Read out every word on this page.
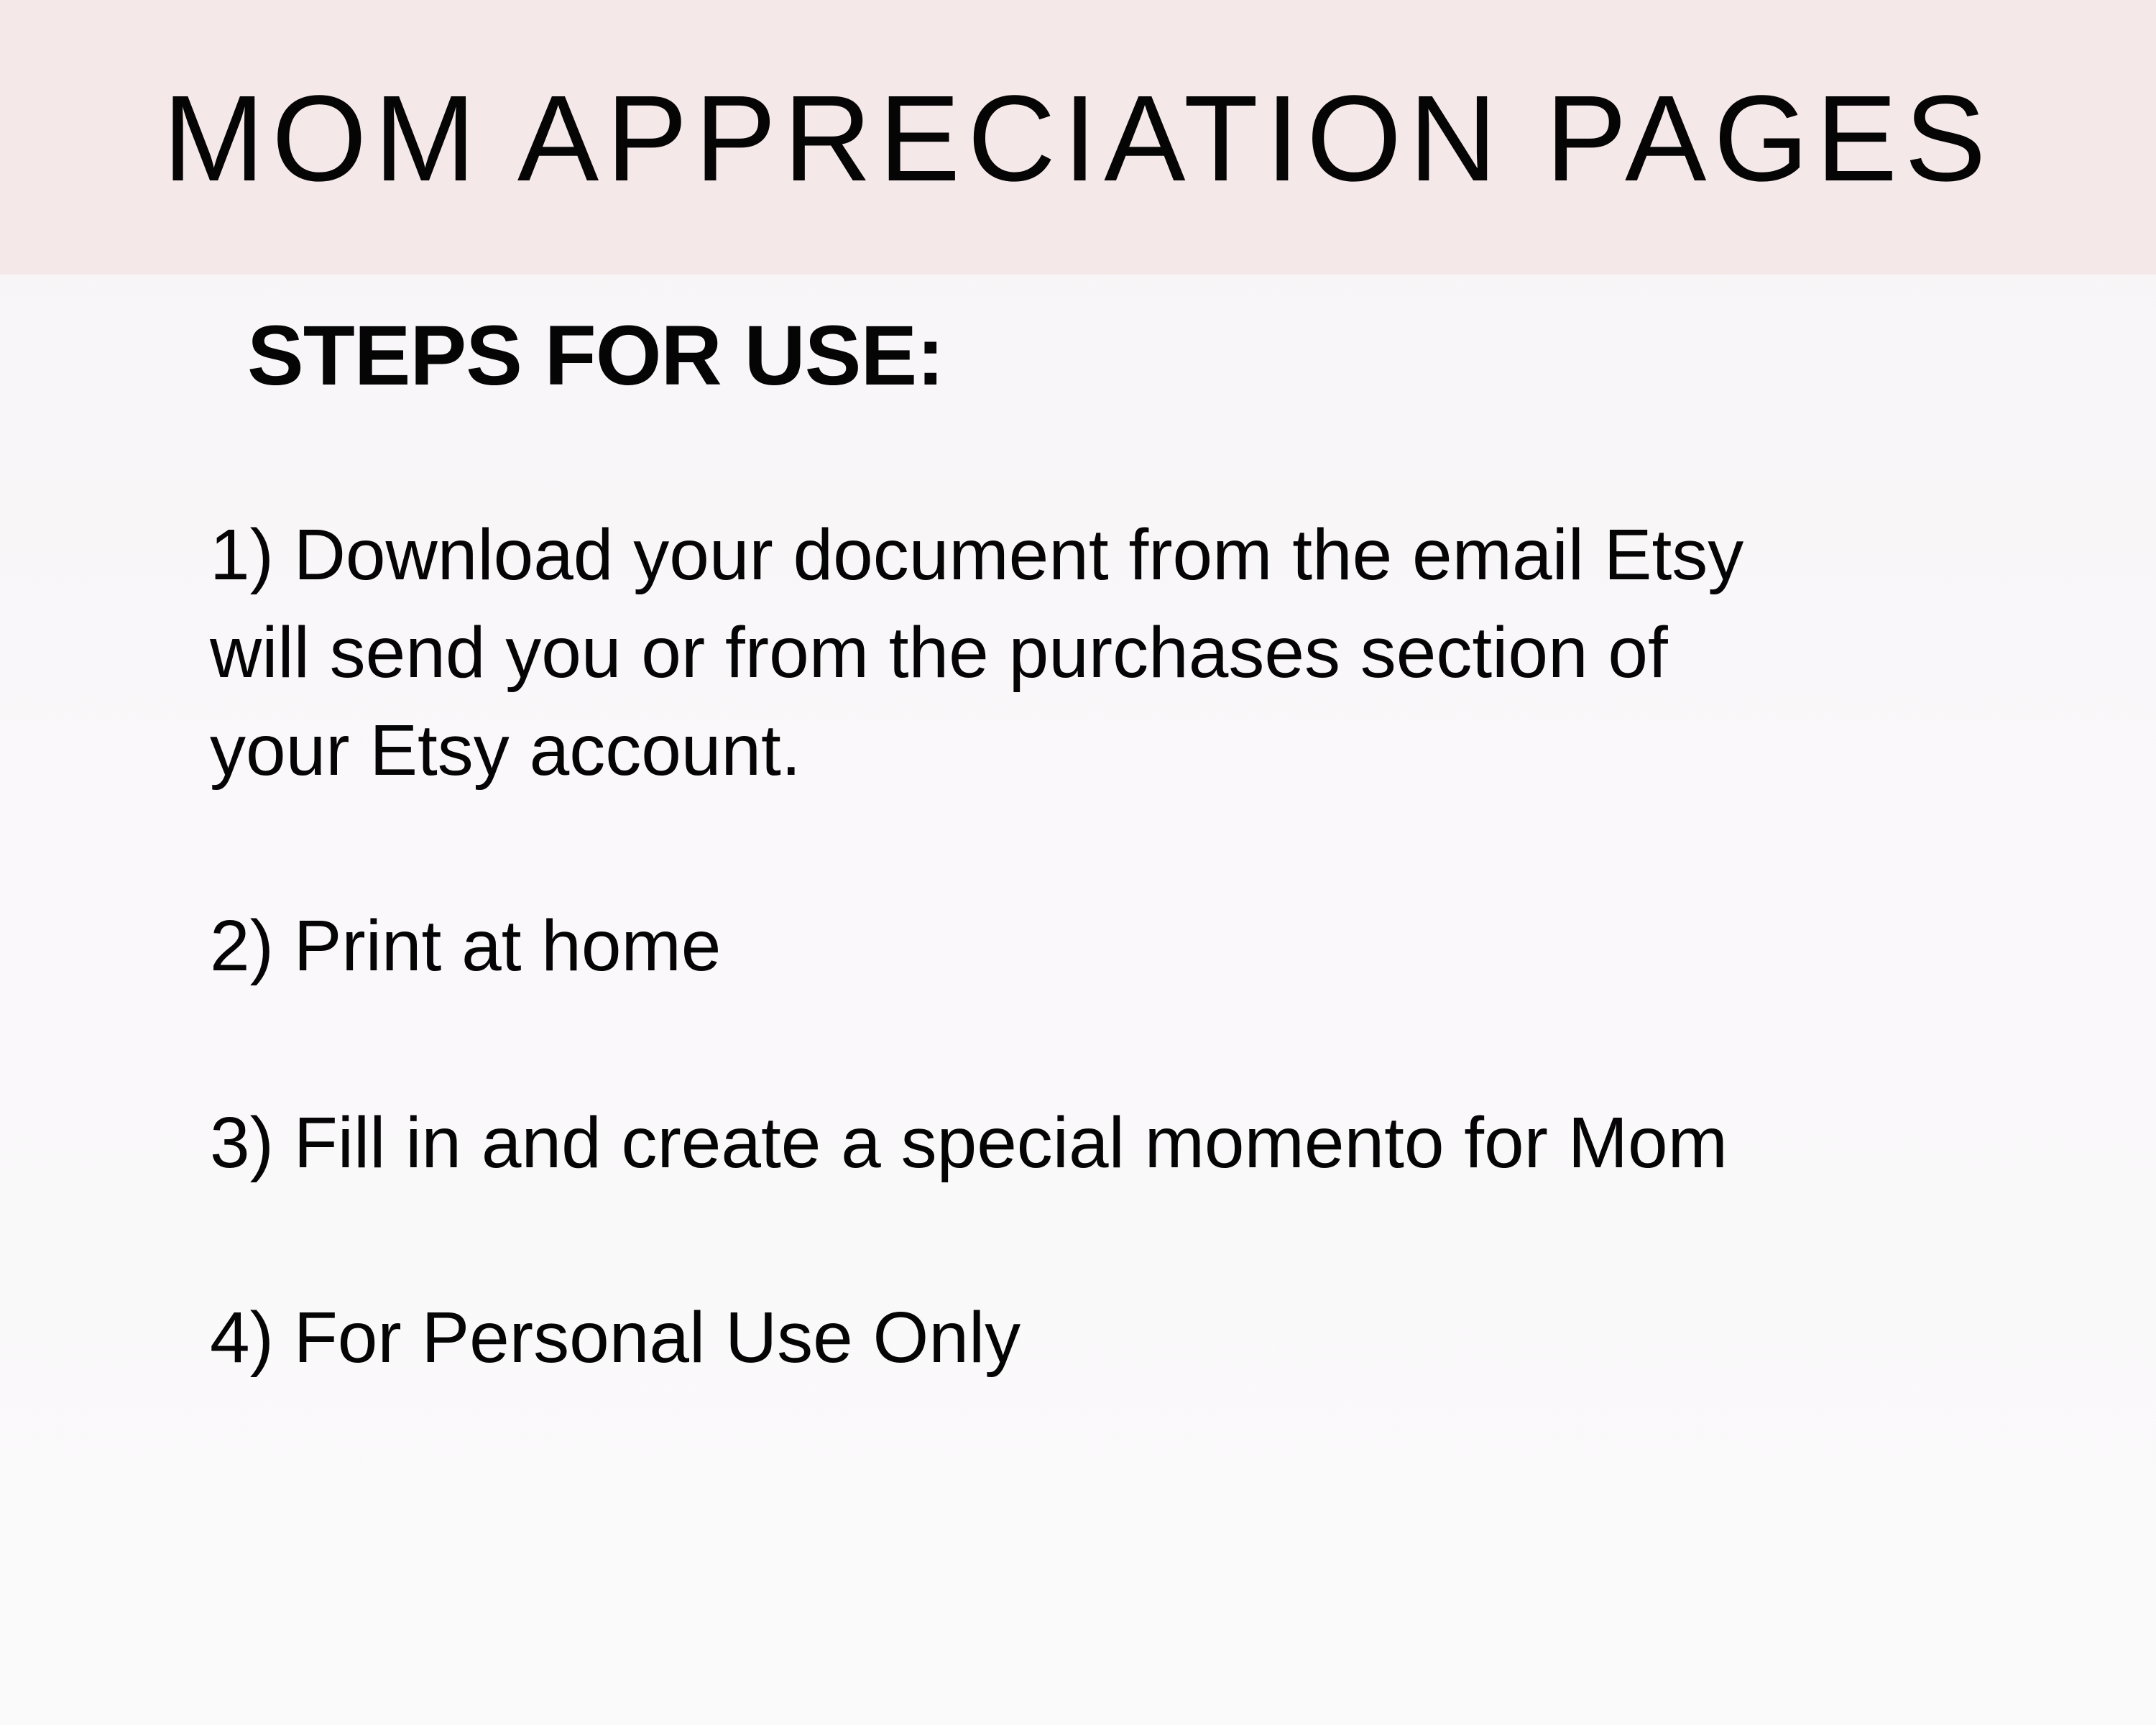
MOM APPRECIATION PAGES
STEPS FOR USE:
1) Download your document from the email Etsy
will send you or from the purchases section of
your Etsy account.
2) Print at home
3) Fill in and create a special momento for Mom
4) For Personal Use Only
